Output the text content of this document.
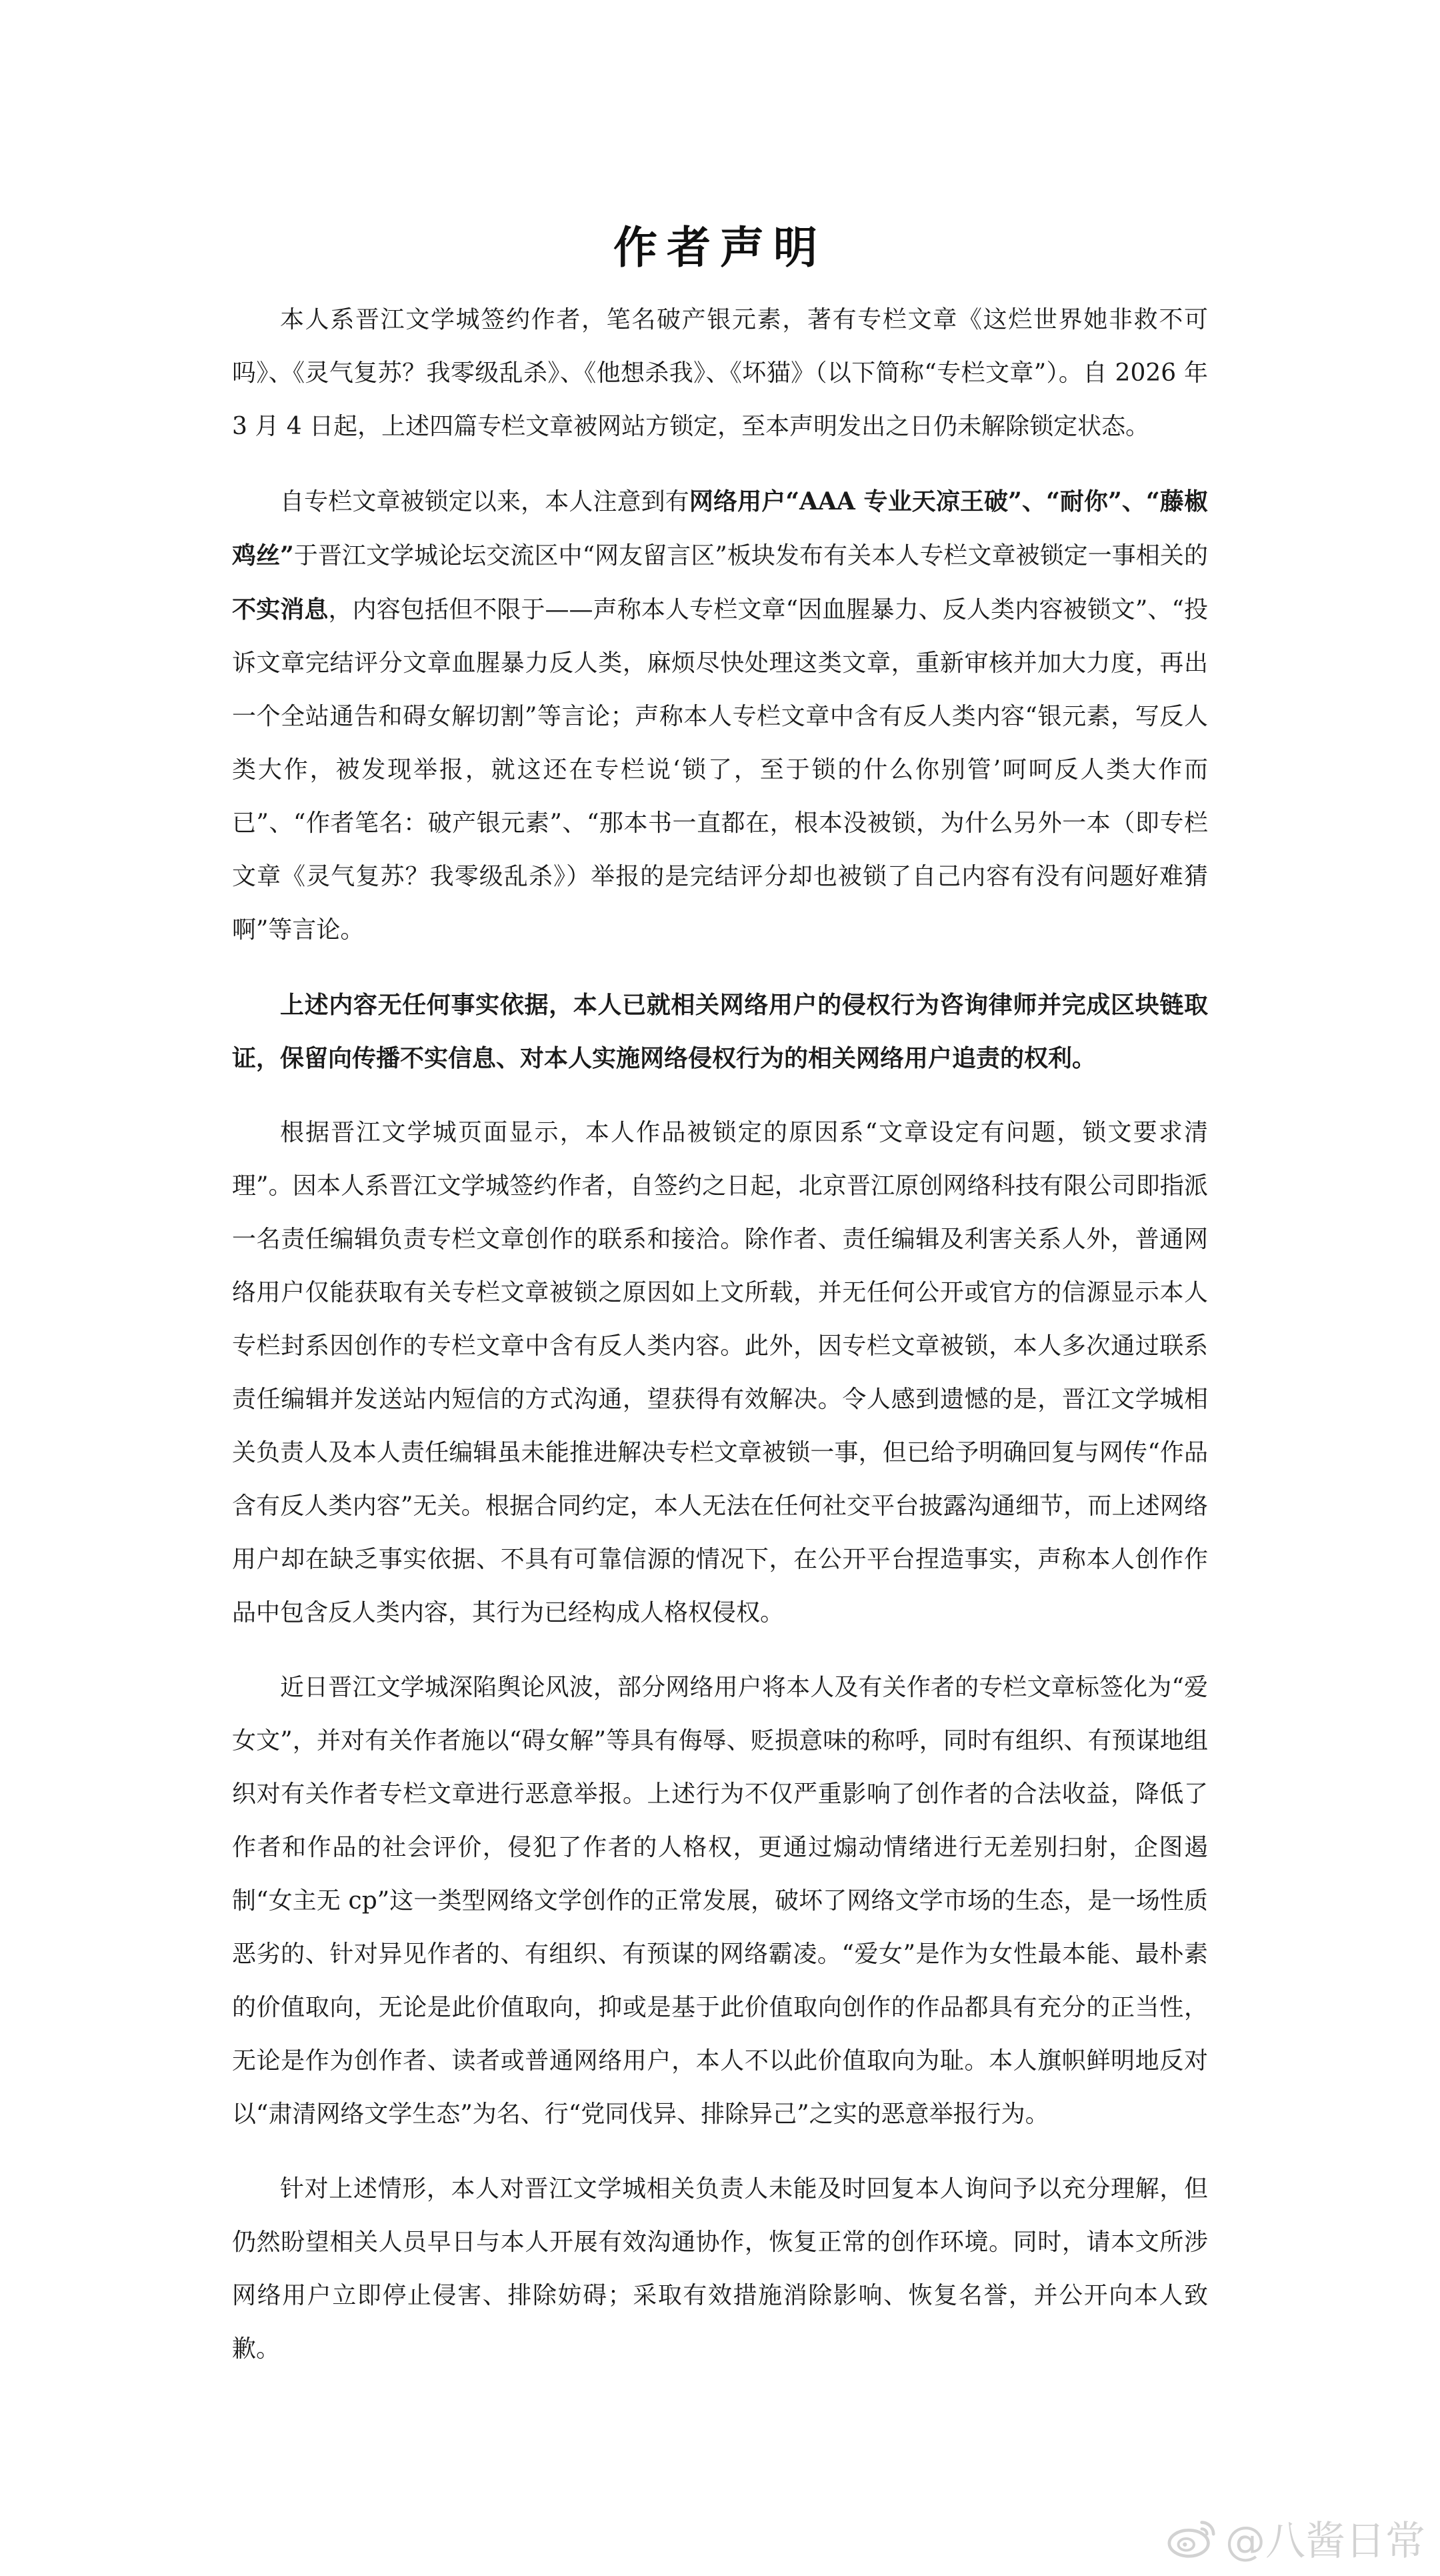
作者声明

本人系晋江文学城签约作者，笔名破产银元素，著有专栏文章《这烂世界她非救不可吗》、《灵气复苏？我零级乱杀》、《他想杀我》、《坏猫》（以下简称“专栏文章”）。自 2026 年 3 月 4 日起，上述四篇专栏文章被网站方锁定，至本声明发出之日仍未解除锁定状态。

自专栏文章被锁定以来，本人注意到有网络用户“AAA 专业天凉王破”、“耐你”、“藤椒鸡丝”于晋江文学城论坛交流区中“网友留言区”板块发布有关本人专栏文章被锁定一事相关的不实消息，内容包括但不限于——声称本人专栏文章“因血腥暴力、反人类内容被锁文”、“投诉文章完结评分文章血腥暴力反人类，麻烦尽快处理这类文章，重新审核并加大力度，再出一个全站通告和碍女解切割”等言论；声称本人专栏文章中含有反人类内容“银元素，写反人类大作，被发现举报，就这还在专栏说‘锁了，至于锁的什么你别管’呵呵反人类大作而已”、“作者笔名：破产银元素”、“那本书一直都在，根本没被锁，为什么另外一本（即专栏文章《灵气复苏？我零级乱杀》）举报的是完结评分却也被锁了自己内容有没有问题好难猜啊”等言论。

上述内容无任何事实依据，本人已就相关网络用户的侵权行为咨询律师并完成区块链取证，保留向传播不实信息、对本人实施网络侵权行为的相关网络用户追责的权利。

根据晋江文学城页面显示，本人作品被锁定的原因系“文章设定有问题，锁文要求清理”。因本人系晋江文学城签约作者，自签约之日起，北京晋江原创网络科技有限公司即指派一名责任编辑负责专栏文章创作的联系和接洽。除作者、责任编辑及利害关系人外，普通网络用户仅能获取有关专栏文章被锁之原因如上文所载，并无任何公开或官方的信源显示本人专栏封系因创作的专栏文章中含有反人类内容。此外，因专栏文章被锁，本人多次通过联系责任编辑并发送站内短信的方式沟通，望获得有效解决。令人感到遗憾的是，晋江文学城相关负责人及本人责任编辑虽未能推进解决专栏文章被锁一事，但已给予明确回复与网传“作品含有反人类内容”无关。根据合同约定，本人无法在任何社交平台披露沟通细节，而上述网络用户却在缺乏事实依据、不具有可靠信源的情况下，在公开平台捏造事实，声称本人创作作品中包含反人类内容，其行为已经构成人格权侵权。

近日晋江文学城深陷舆论风波，部分网络用户将本人及有关作者的专栏文章标签化为“爱女文”，并对有关作者施以“碍女解”等具有侮辱、贬损意味的称呼，同时有组织、有预谋地组织对有关作者专栏文章进行恶意举报。上述行为不仅严重影响了创作者的合法收益，降低了作者和作品的社会评价，侵犯了作者的人格权，更通过煽动情绪进行无差别扫射，企图遏制“女主无 cp”这一类型网络文学创作的正常发展，破坏了网络文学市场的生态，是一场性质恶劣的、针对异见作者的、有组织、有预谋的网络霸凌。“爱女”是作为女性最本能、最朴素的价值取向，无论是此价值取向，抑或是基于此价值取向创作的作品都具有充分的正当性，无论是作为创作者、读者或普通网络用户，本人不以此价值取向为耻。本人旗帜鲜明地反对以“肃清网络文学生态”为名、行“党同伐异、排除异己”之实的恶意举报行为。

针对上述情形，本人对晋江文学城相关负责人未能及时回复本人询问予以充分理解，但仍然盼望相关人员早日与本人开展有效沟通协作，恢复正常的创作环境。同时，请本文所涉网络用户立即停止侵害、排除妨碍；采取有效措施消除影响、恢复名誉，并公开向本人致歉。

@八酱日常
